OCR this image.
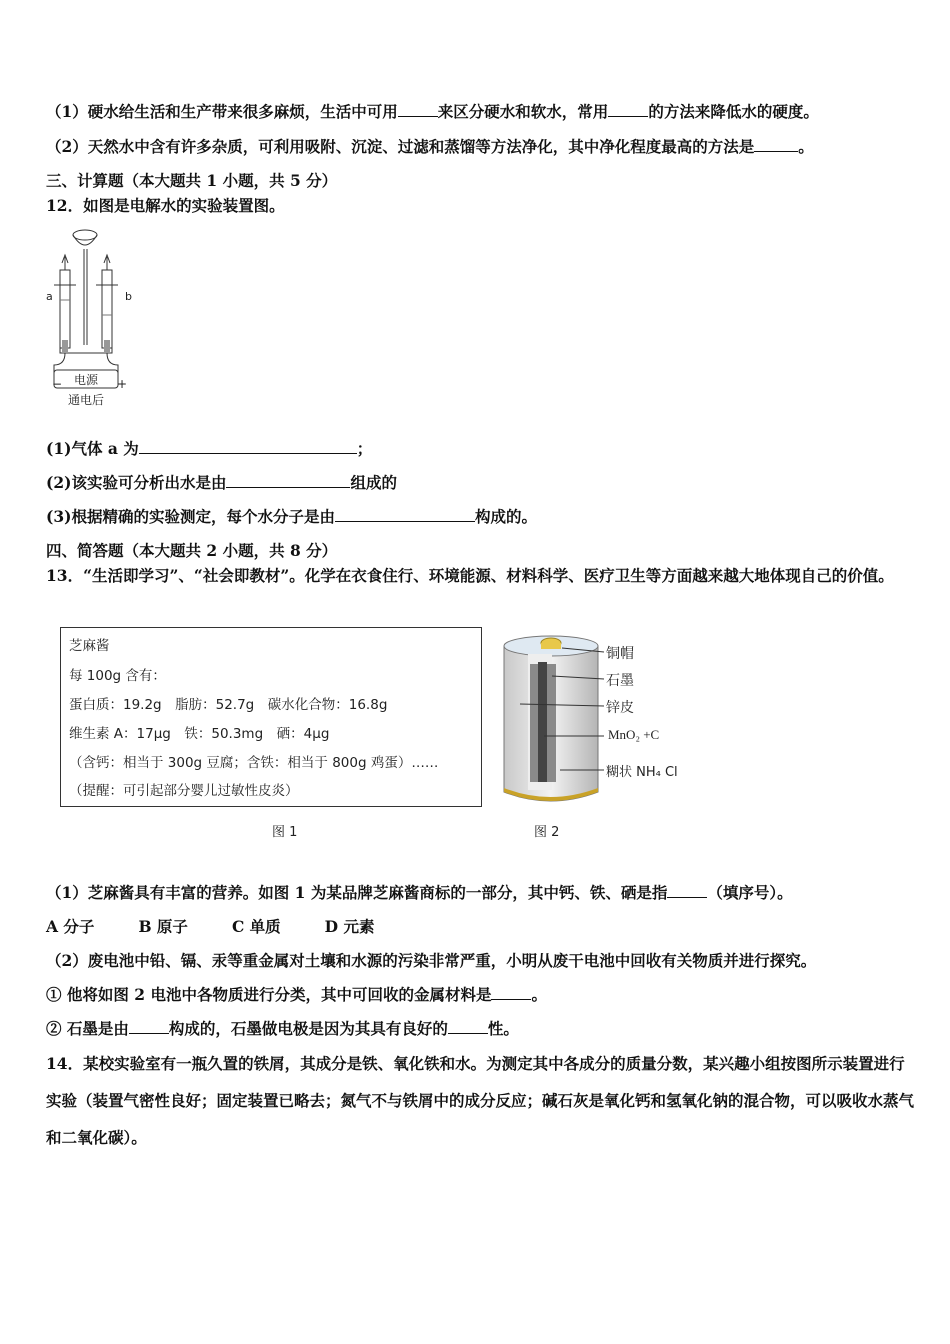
（1）硬水给生活和生产带来很多麻烦，生活中可用	来区分硬水和软水，常用	的方法来降低水的硬度。
（2）天然水中含有许多杂质，可利用吸附、沉淀、过滤和蒸馏等方法净化，其中净化程度最高的方法是	。
三、计算题（本大题共 1 小题，共 5 分）
12．如图是电解水的实验装置图。
a	b
电源
−	+
通电后
(1)气体 a 为	；
(2)该实验可分析出水是由	组成的
(3)根据精确的实验测定，每个水分子是由	构成的。
四、简答题（本大题共 2 小题，共 8 分）
13．“生活即学习”、“社会即教材”。化学在衣食住行、环境能源、材料科学、医疗卫生等方面越来越大地体现自己的价值。
芝麻酱
每 100g 含有：
蛋白质：19.2g　脂肪：52.7g　碳水化合物：16.8g
维生素 A：17μg　铁：50.3mg　硒：4μg
（含钙：相当于 300g 豆腐；含铁：相当于 800g 鸡蛋）……
（提醒：可引起部分婴儿过敏性皮炎）
铜帽
石墨
锌皮
MnO₂ +C
糊状 NH₄ Cl
图 1	图 2
（1）芝麻酱具有丰富的营养。如图 1 为某品牌芝麻酱商标的一部分，其中钙、铁、硒是指	（填序号）。
A 分子	B 原子	C 单质	D 元素
（2）废电池中铅、镉、汞等重金属对土壤和水源的污染非常严重，小明从废干电池中回收有关物质并进行探究。
① 他将如图 2 电池中各物质进行分类，其中可回收的金属材料是	。
② 石墨是由	构成的，石墨做电极是因为其具有良好的	性。
14．某校实验室有一瓶久置的铁屑，其成分是铁、氧化铁和水。为测定其中各成分的质量分数，某兴趣小组按图所示装置进行实验（装置气密性良好；固定装置已略去；氮气不与铁屑中的成分反应；碱石灰是氧化钙和氢氧化钠的混合物，可以吸收水蒸气和二氧化碳）。
